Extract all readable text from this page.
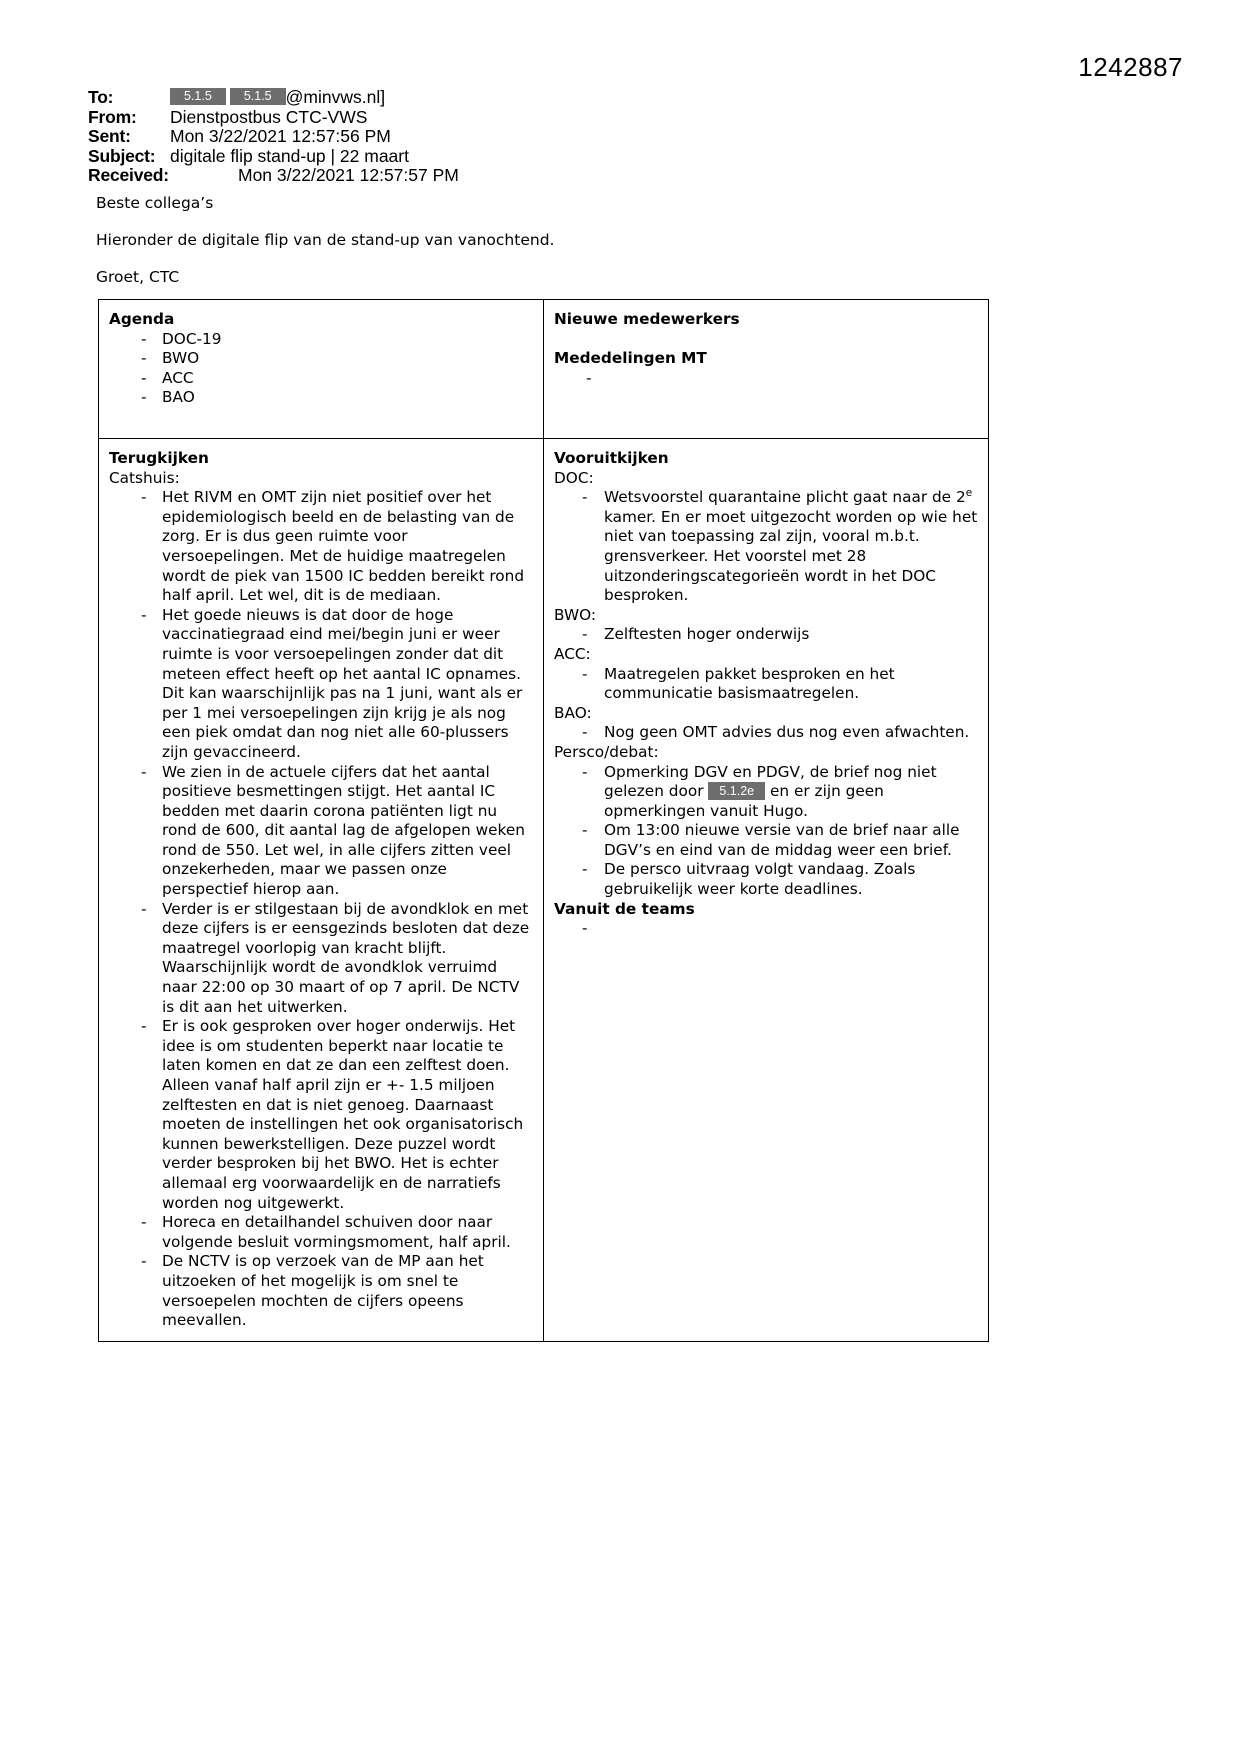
1242887
To:	5.1.5	5.1.5 @minvws.nl]
From:	Dienstpostbus CTC-VWS
Sent:	Mon 3/22/2021 12:57:56 PM
Subject: digitale flip stand-up | 22 maart
Received:	Mon 3/22/2021 12:57:57 PM

Beste collega’s

Hieronder de digitale flip van de stand-up van vanochtend.

Groet, CTC

Agenda

- DOC-19
- BWO
- ACC
- BAO

Nieuwe medewerkers

Mededelingen MT

-

Terugkijken

Catshuis:

- Het RIVM en OMT zijn niet positief over het epidemiologisch beeld en de belasting van de zorg. Er is dus geen ruimte voor versoepelingen. Met de huidige maatregelen wordt de piek van 1500 IC bedden bereikt rond half april. Let wel, dit is de mediaan.
- Het goede nieuws is dat door de hoge vaccinatiegraad eind mei/begin juni er weer ruimte is voor versoepelingen zonder dat dit meteen effect heeft op het aantal IC opnames. Dit kan waarschijnlijk pas na 1 juni, want als er per 1 mei versoepelingen zijn krijg je als nog een piek omdat dan nog niet alle 60-plussers zijn gevaccineerd.
- We zien in de actuele cijfers dat het aantal positieve besmettingen stijgt. Het aantal IC bedden met daarin corona patiënten ligt nu rond de 600, dit aantal lag de afgelopen weken rond de 550. Let wel, in alle cijfers zitten veel onzekerheden, maar we passen onze perspectief hierop aan.
- Verder is er stilgestaan bij de avondklok en met deze cijfers is er eensgezinds besloten dat deze maatregel voorlopig van kracht blijft. Waarschijnlijk wordt de avondklok verruimd naar 22:00 op 30 maart of op 7 april. De NCTV is dit aan het uitwerken.
- Er is ook gesproken over hoger onderwijs. Het idee is om studenten beperkt naar locatie te laten komen en dat ze dan een zelftest doen. Alleen vanaf half april zijn er +- 1.5 miljoen zelftesten en dat is niet genoeg. Daarnaast moeten de instellingen het ook organisatorisch kunnen bewerkstelligen. Deze puzzel wordt verder besproken bij het BWO. Het is echter allemaal erg voorwaardelijk en de narratiefs worden nog uitgewerkt.
- Horeca en detailhandel schuiven door naar volgende besluit vormingsmoment, half april.
- De NCTV is op verzoek van de MP aan het uitzoeken of het mogelijk is om snel te versoepelen mochten de cijfers opeens meevallen.

Vooruitkijken

DOC:

- Wetsvoorstel quarantaine plicht gaat naar de 2e kamer. En er moet uitgezocht worden op wie het niet van toepassing zal zijn, vooral m.b.t. grensverkeer. Het voorstel met 28 uitzonderingscategorieën wordt in het DOC besproken.

BWO:

- Zelftesten hoger onderwijs

ACC:

- Maatregelen pakket besproken en het communicatie basismaatregelen.

BAO:

- Nog geen OMT advies dus nog even afwachten.

Persco/debat:

- Opmerking DGV en PDGV, de brief nog niet gelezen door 5.1.2e en er zijn geen opmerkingen vanuit Hugo.
- Om 13:00 nieuwe versie van de brief naar alle DGV’s en eind van de middag weer een brief.
- De persco uitvraag volgt vandaag. Zoals gebruikelijk weer korte deadlines.

Vanuit de teams

-
